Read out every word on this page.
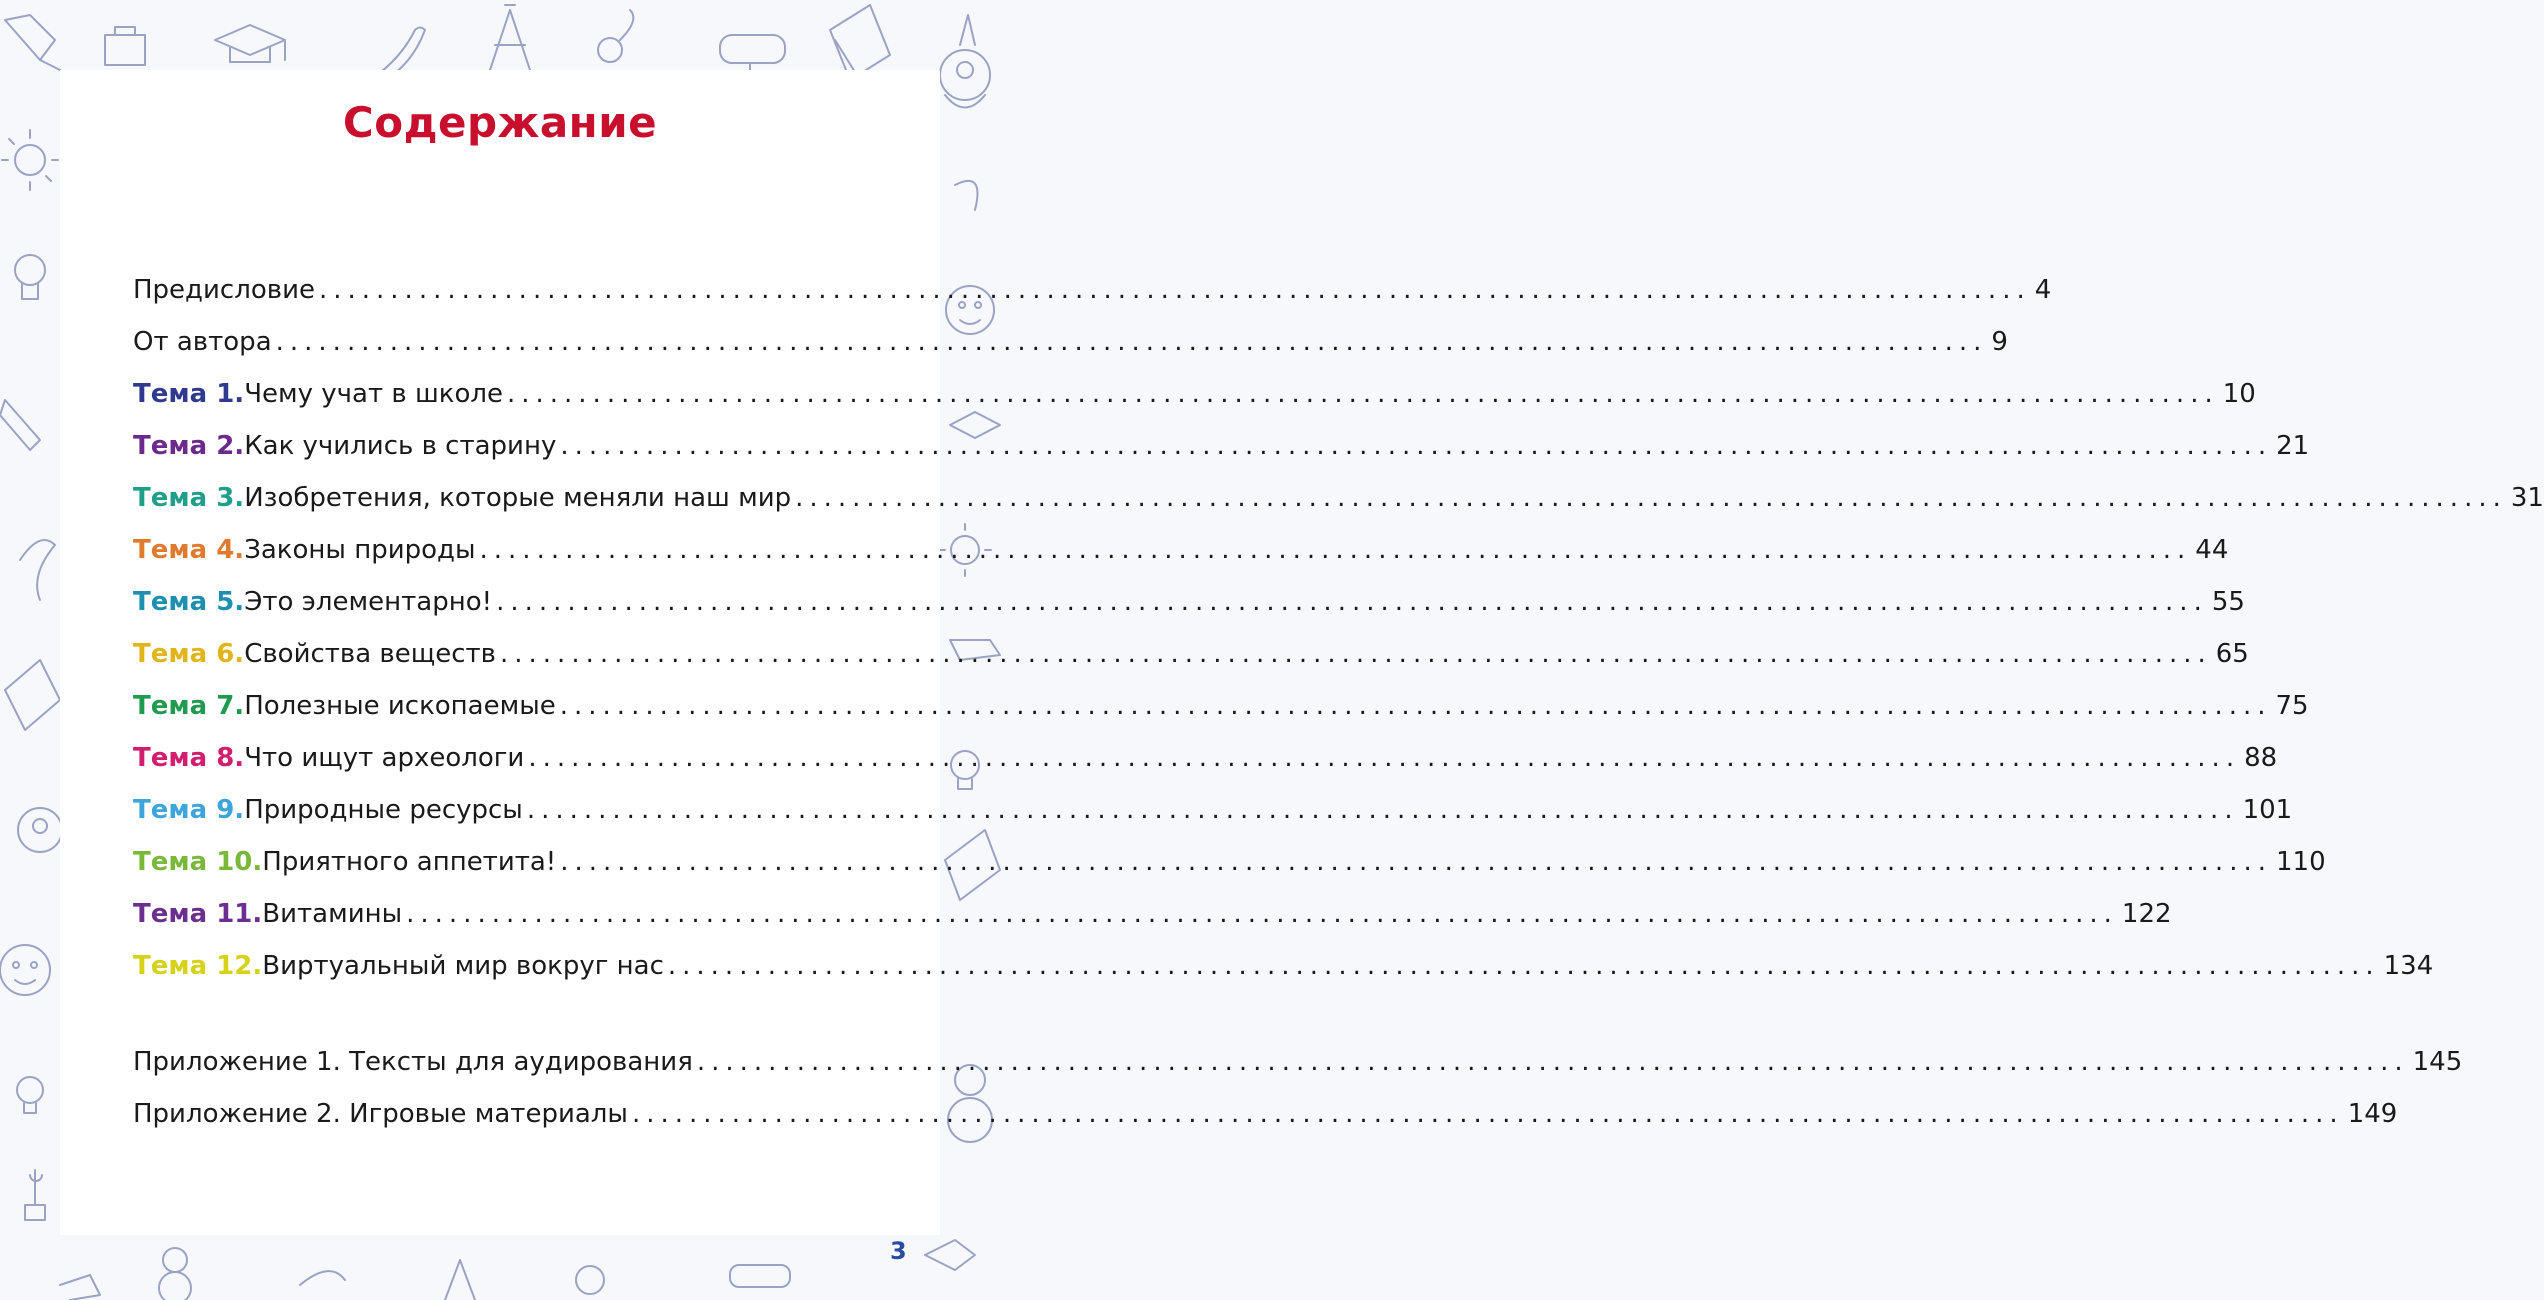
Содержание
Предисловие ........................................................................................................................ 4
От автора ........................................................................................................................ 9
Тема 1. Чему учат в школе ........................................................................................................................ 10
Тема 2. Как учились в старину ........................................................................................................................ 21
Тема 3. Изобретения, которые меняли наш мир ........................................................................................................................ 31
Тема 4. Законы природы ........................................................................................................................ 44
Тема 5. Это элементарно! ........................................................................................................................ 55
Тема 6. Свойства веществ ........................................................................................................................ 65
Тема 7. Полезные ископаемые ........................................................................................................................ 75
Тема 8. Что ищут археологи ........................................................................................................................ 88
Тема 9. Природные ресурсы ........................................................................................................................ 101
Тема 10. Приятного аппетита! ........................................................................................................................ 110
Тема 11. Витамины ........................................................................................................................ 122
Тема 12. Виртуальный мир вокруг нас ........................................................................................................................ 134
Приложение 1. Тексты для аудирования ........................................................................................................................ 145
Приложение 2. Игровые материалы ........................................................................................................................ 149
3
